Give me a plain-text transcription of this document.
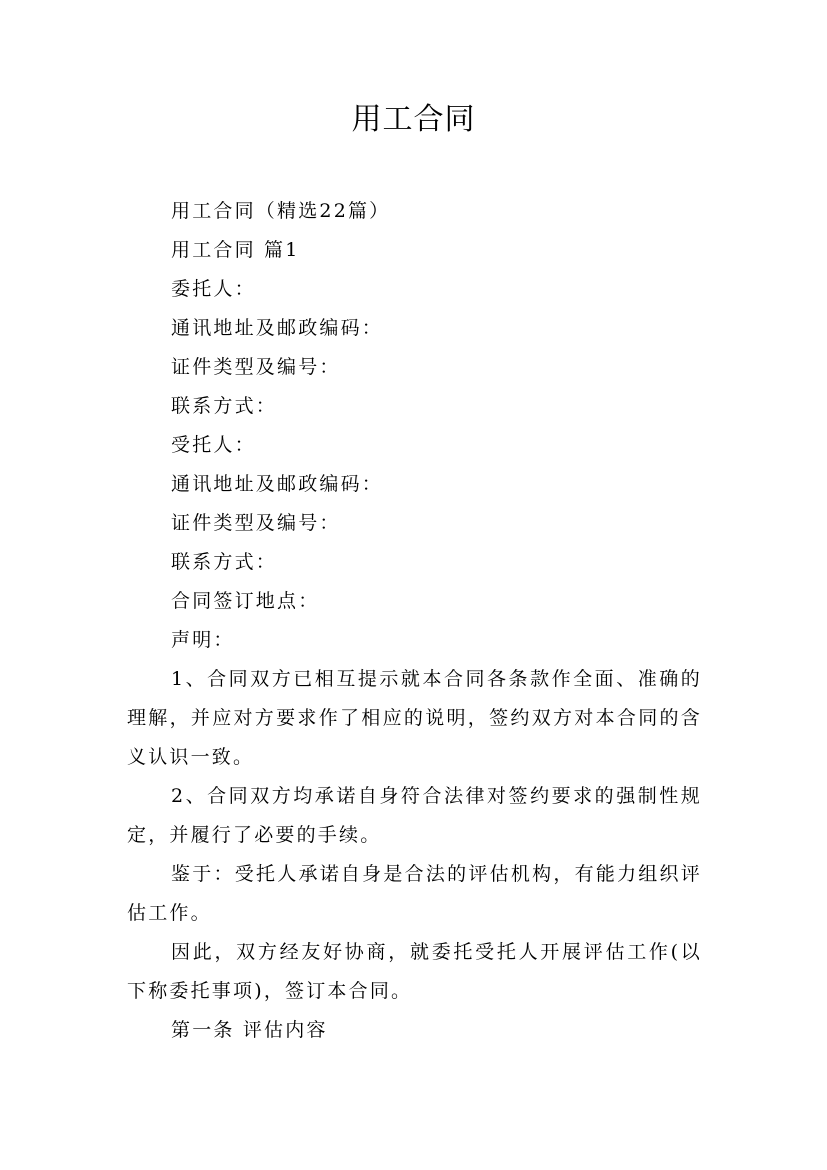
用工合同

用工合同（精选22篇）

用工合同 篇1

委托人：

通讯地址及邮政编码：

证件类型及编号：

联系方式：

受托人：

通讯地址及邮政编码：

证件类型及编号：

联系方式：

合同签订地点：

声明：

1、合同双方已相互提示就本合同各条款作全面、准确的理解，并应对方要求作了相应的说明，签约双方对本合同的含义认识一致。

2、合同双方均承诺自身符合法律对签约要求的强制性规定，并履行了必要的手续。

鉴于：受托人承诺自身是合法的评估机构，有能力组织评估工作。

因此，双方经友好协商，就委托受托人开展评估工作(以下称委托事项)，签订本合同。

第一条 评估内容
